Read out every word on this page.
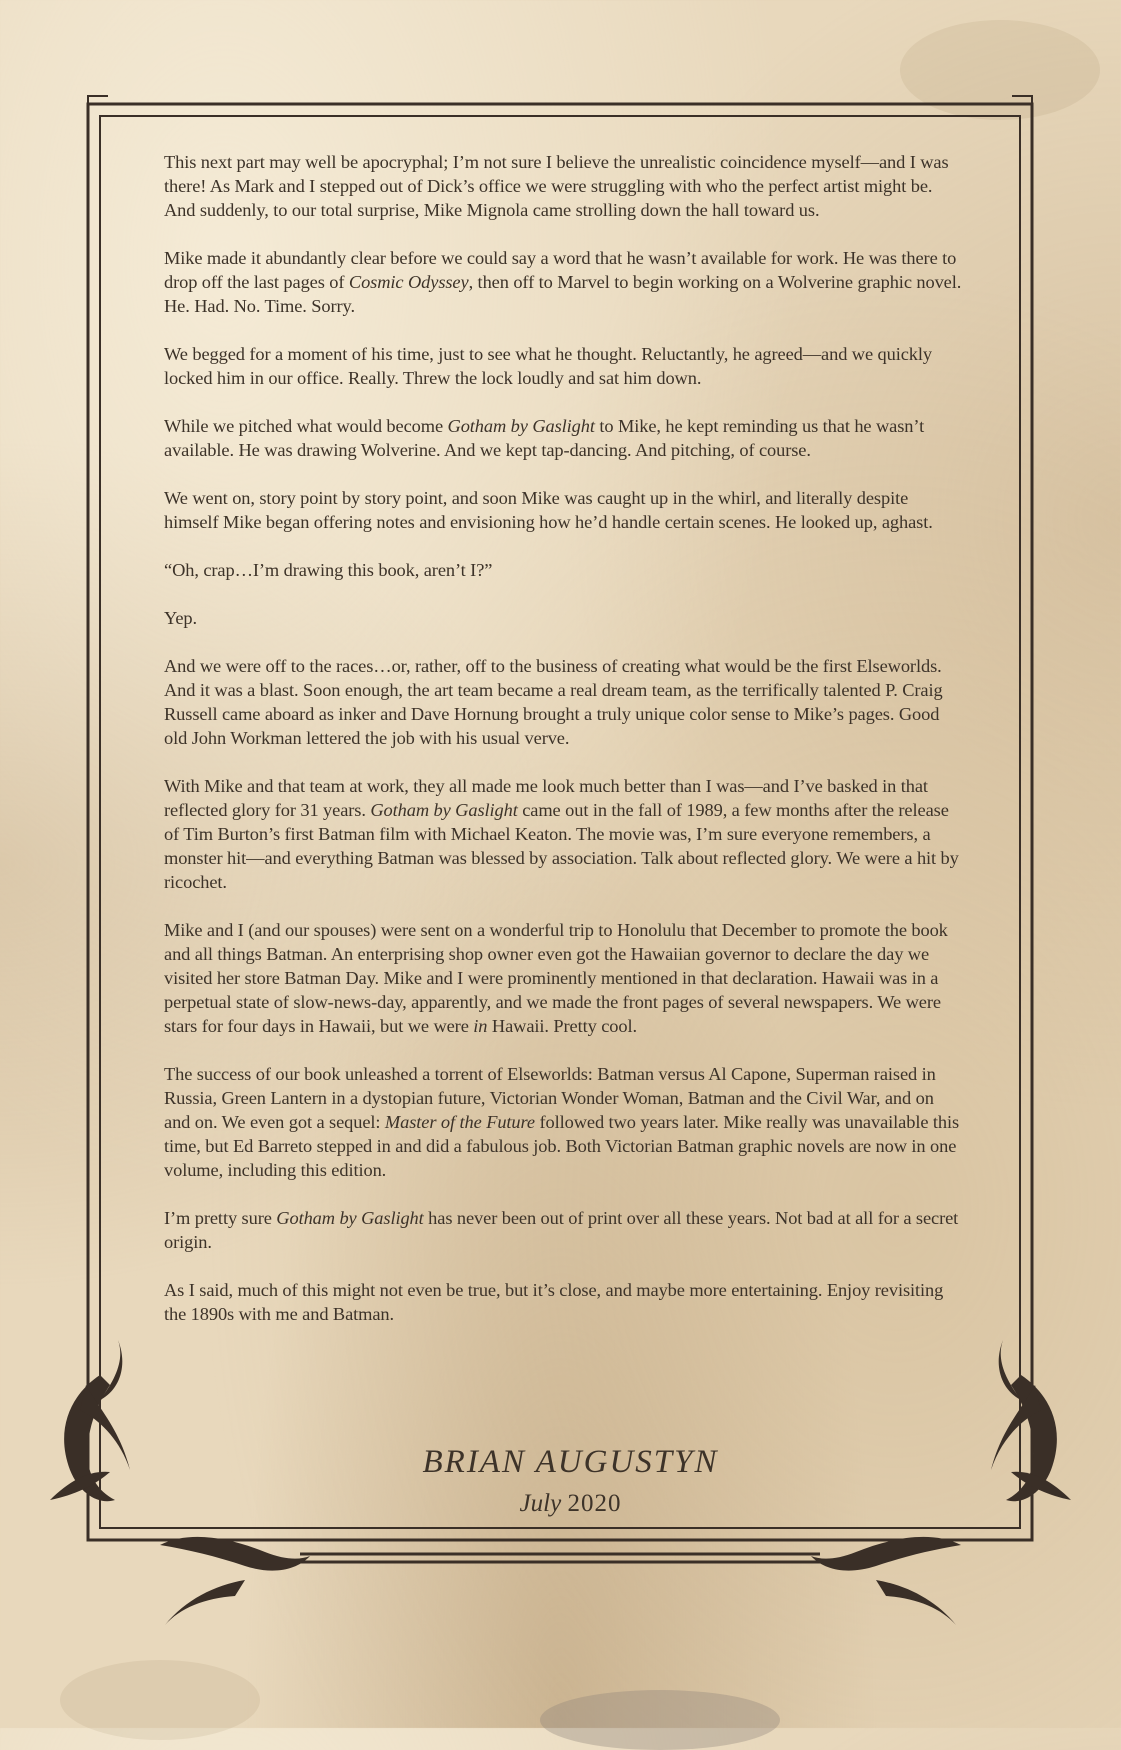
This next part may well be apocryphal; I’m not sure I believe the unrealistic coincidence myself—and I was there! As Mark and I stepped out of Dick’s office we were struggling with who the perfect artist might be. And suddenly, to our total surprise, Mike Mignola came strolling down the hall toward us.

Mike made it abundantly clear before we could say a word that he wasn’t available for work. He was there to drop off the last pages of Cosmic Odyssey, then off to Marvel to begin working on a Wolverine graphic novel. He. Had. No. Time. Sorry.

We begged for a moment of his time, just to see what he thought. Reluctantly, he agreed—and we quickly locked him in our office. Really. Threw the lock loudly and sat him down.

While we pitched what would become Gotham by Gaslight to Mike, he kept reminding us that he wasn’t available. He was drawing Wolverine. And we kept tap-dancing. And pitching, of course.

We went on, story point by story point, and soon Mike was caught up in the whirl, and literally despite himself Mike began offering notes and envisioning how he’d handle certain scenes. He looked up, aghast.

“Oh, crap…I’m drawing this book, aren’t I?”

Yep.

And we were off to the races…or, rather, off to the business of creating what would be the first Elseworlds. And it was a blast. Soon enough, the art team became a real dream team, as the terrifically talented P. Craig Russell came aboard as inker and Dave Hornung brought a truly unique color sense to Mike’s pages. Good old John Workman lettered the job with his usual verve.

With Mike and that team at work, they all made me look much better than I was—and I’ve basked in that reflected glory for 31 years. Gotham by Gaslight came out in the fall of 1989, a few months after the release of Tim Burton’s first Batman film with Michael Keaton. The movie was, I’m sure everyone remembers, a monster hit—and everything Batman was blessed by association. Talk about reflected glory. We were a hit by ricochet.

Mike and I (and our spouses) were sent on a wonderful trip to Honolulu that December to promote the book and all things Batman. An enterprising shop owner even got the Hawaiian governor to declare the day we visited her store Batman Day. Mike and I were prominently mentioned in that declaration. Hawaii was in a perpetual state of slow-news-day, apparently, and we made the front pages of several newspapers. We were stars for four days in Hawaii, but we were in Hawaii. Pretty cool.

The success of our book unleashed a torrent of Elseworlds: Batman versus Al Capone, Superman raised in Russia, Green Lantern in a dystopian future, Victorian Wonder Woman, Batman and the Civil War, and on and on. We even got a sequel: Master of the Future followed two years later. Mike really was unavailable this time, but Ed Barreto stepped in and did a fabulous job. Both Victorian Batman graphic novels are now in one volume, including this edition.

I’m pretty sure Gotham by Gaslight has never been out of print over all these years. Not bad at all for a secret origin.

As I said, much of this might not even be true, but it’s close, and maybe more entertaining. Enjoy revisiting the 1890s with me and Batman.

BRIAN AUGUSTYN
July 2020
